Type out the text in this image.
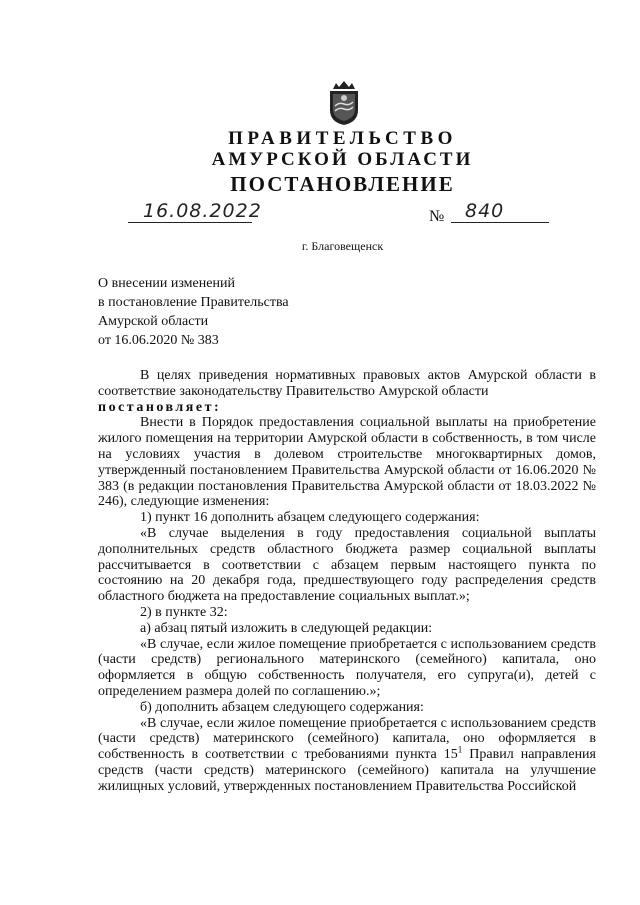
ПРАВИТЕЛЬСТВО
АМУРСКОЙ ОБЛАСТИ
ПОСТАНОВЛЕНИЕ
16.08.2022	№ 840
г. Благовещенск
О внесении изменений
в постановление Правительства
Амурской области
от 16.06.2020 № 383

В целях приведения нормативных правовых актов Амурской области в соответствие законодательству Правительство Амурской области

постановляет:

Внести в Порядок предоставления социальной выплаты на приобретение жилого помещения на территории Амурской области в собственность, в том числе на условиях участия в долевом строительстве многоквартирных домов, утвержденный постановлением Правительства Амурской области от 16.06.2020 № 383 (в редакции постановления Правительства Амурской области от 18.03.2022 № 246), следующие изменения:

1) пункт 16 дополнить абзацем следующего содержания:

«В случае выделения в году предоставления социальной выплаты дополнительных средств областного бюджета размер социальной выплаты рассчитывается в соответствии с абзацем первым настоящего пункта по состоянию на 20 декабря года, предшествующего году распределения средств областного бюджета на предоставление социальных выплат.»;

2) в пункте 32:

а) абзац пятый изложить в следующей редакции:

«В случае, если жилое помещение приобретается с использованием средств (части средств) регионального материнского (семейного) капитала, оно оформляется в общую собственность получателя, его супруга(и), детей с определением размера долей по соглашению.»;

б) дополнить абзацем следующего содержания:

«В случае, если жилое помещение приобретается с использованием средств (части средств) материнского (семейного) капитала, оно оформляется в собственность в соответствии с требованиями пункта $15^1$ Правил направления средств (части средств) материнского (семейного) капитала на улучшение жилищных условий, утвержденных постановлением Правительства Российской
